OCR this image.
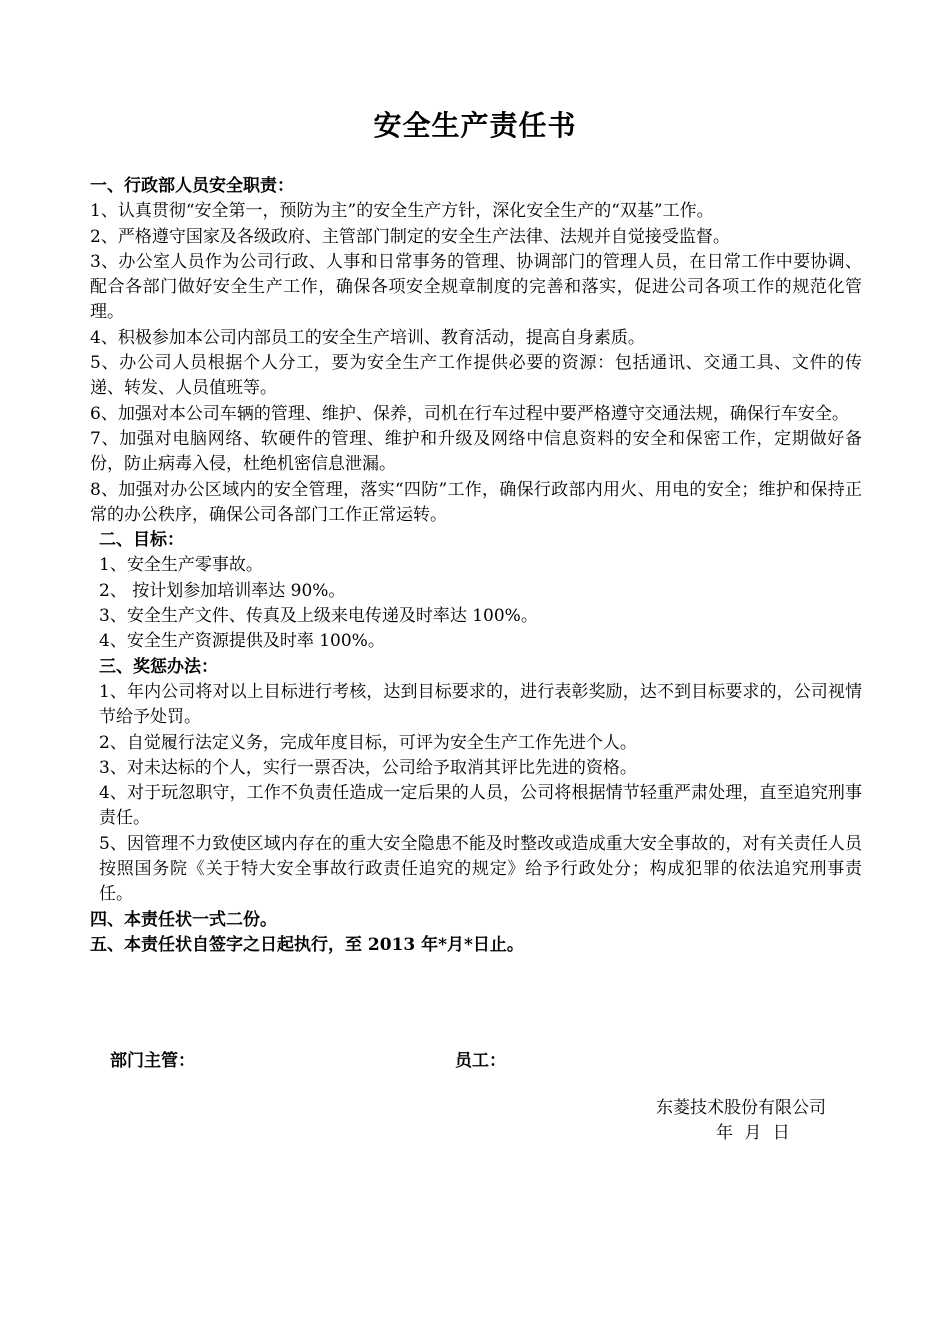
安全生产责任书
一、行政部人员安全职责：
1、认真贯彻“安全第一，预防为主”的安全生产方针，深化安全生产的“双基”工作。
2、严格遵守国家及各级政府、主管部门制定的安全生产法律、法规并自觉接受监督。
3、办公室人员作为公司行政、人事和日常事务的管理、协调部门的管理人员，在日常工作中要协调、配合各部门做好安全生产工作，确保各项安全规章制度的完善和落实，促进公司各项工作的规范化管理。
4、积极参加本公司内部员工的安全生产培训、教育活动，提高自身素质。
5、办公司人员根据个人分工，要为安全生产工作提供必要的资源：包括通讯、交通工具、文件的传递、转发、人员值班等。
6、加强对本公司车辆的管理、维护、保养，司机在行车过程中要严格遵守交通法规，确保行车安全。
7、加强对电脑网络、软硬件的管理、维护和升级及网络中信息资料的安全和保密工作，定期做好备份，防止病毒入侵，杜绝机密信息泄漏。
8、加强对办公区域内的安全管理，落实“四防”工作，确保行政部内用火、用电的安全；维护和保持正常的办公秩序，确保公司各部门工作正常运转。
二、目标：
1、安全生产零事故。
2、 按计划参加培训率达 90%。
3、安全生产文件、传真及上级来电传递及时率达 100%。
4、安全生产资源提供及时率 100%。
三、奖惩办法：
1、年内公司将对以上目标进行考核，达到目标要求的，进行表彰奖励，达不到目标要求的，公司视情节给予处罚。
2、自觉履行法定义务，完成年度目标，可评为安全生产工作先进个人。
3、对未达标的个人，实行一票否决，公司给予取消其评比先进的资格。
4、对于玩忽职守，工作不负责任造成一定后果的人员，公司将根据情节轻重严肃处理，直至追究刑事责任。
5、因管理不力致使区域内存在的重大安全隐患不能及时整改或造成重大安全事故的，对有关责任人员按照国务院《关于特大安全事故行政责任追究的规定》给予行政处分；构成犯罪的依法追究刑事责任。
四、本责任状一式二份。
五、本责任状自签字之日起执行，至 2013 年*月*日止。
部门主管：	员工：
东菱技术股份有限公司
年 月 日
